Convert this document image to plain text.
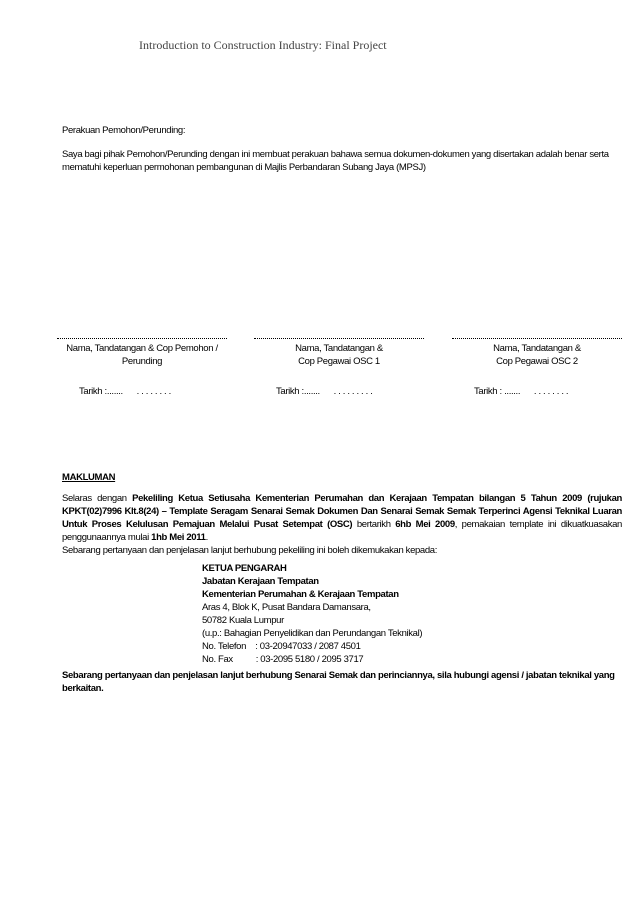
Introduction to Construction Industry: Final Project
Perakuan Pemohon/Perunding:
Saya bagi pihak Pemohon/Perunding dengan ini membuat perakuan bahawa semua dokumen-dokumen yang disertakan adalah benar serta mematuhi keperluan permohonan pembangunan di Majlis Perbandaran Subang Jaya (MPSJ)
Nama, Tandatangan & Cop Pemohon /
Perunding
Tarikh :.......      . . . . . . . .
Nama, Tandatangan &
Cop Pegawai OSC 1
Tarikh :.......      . . . . . . . . .
Nama, Tandatangan &
Cop Pegawai OSC 2
Tarikh : .......      . . . . . . . .
MAKLUMAN
Selaras dengan Pekeliling Ketua Setiusaha Kementerian Perumahan dan Kerajaan Tempatan bilangan 5 Tahun 2009 (rujukan KPKT(02)7996 Klt.8(24) – Template Seragam Senarai Semak Dokumen Dan Senarai Semak Semak Terperinci Agensi Teknikal Luaran Untuk Proses Kelulusan Pemajuan Melalui Pusat Setempat (OSC) bertarikh 6hb Mei 2009, pemakaian template ini dikuatkuasakan penggunaannya mulai 1hb Mei 2011.
Sebarang pertanyaan dan penjelasan lanjut berhubung pekeliling ini boleh dikemukakan kepada:
KETUA PENGARAH
Jabatan Kerajaan Tempatan
Kementerian Perumahan & Kerajaan Tempatan
Aras 4, Blok K, Pusat Bandara Damansara,
50782 Kuala Lumpur
(u.p.: Bahagian Penyelidikan dan Perundangan Teknikal)
No. Telefon    : 03-20947033 / 2087 4501
No. Fax          : 03-2095 5180 / 2095 3717
Sebarang pertanyaan dan penjelasan lanjut berhubung Senarai Semak dan perinciannya, sila hubungi agensi / jabatan teknikal yang berkaitan.
